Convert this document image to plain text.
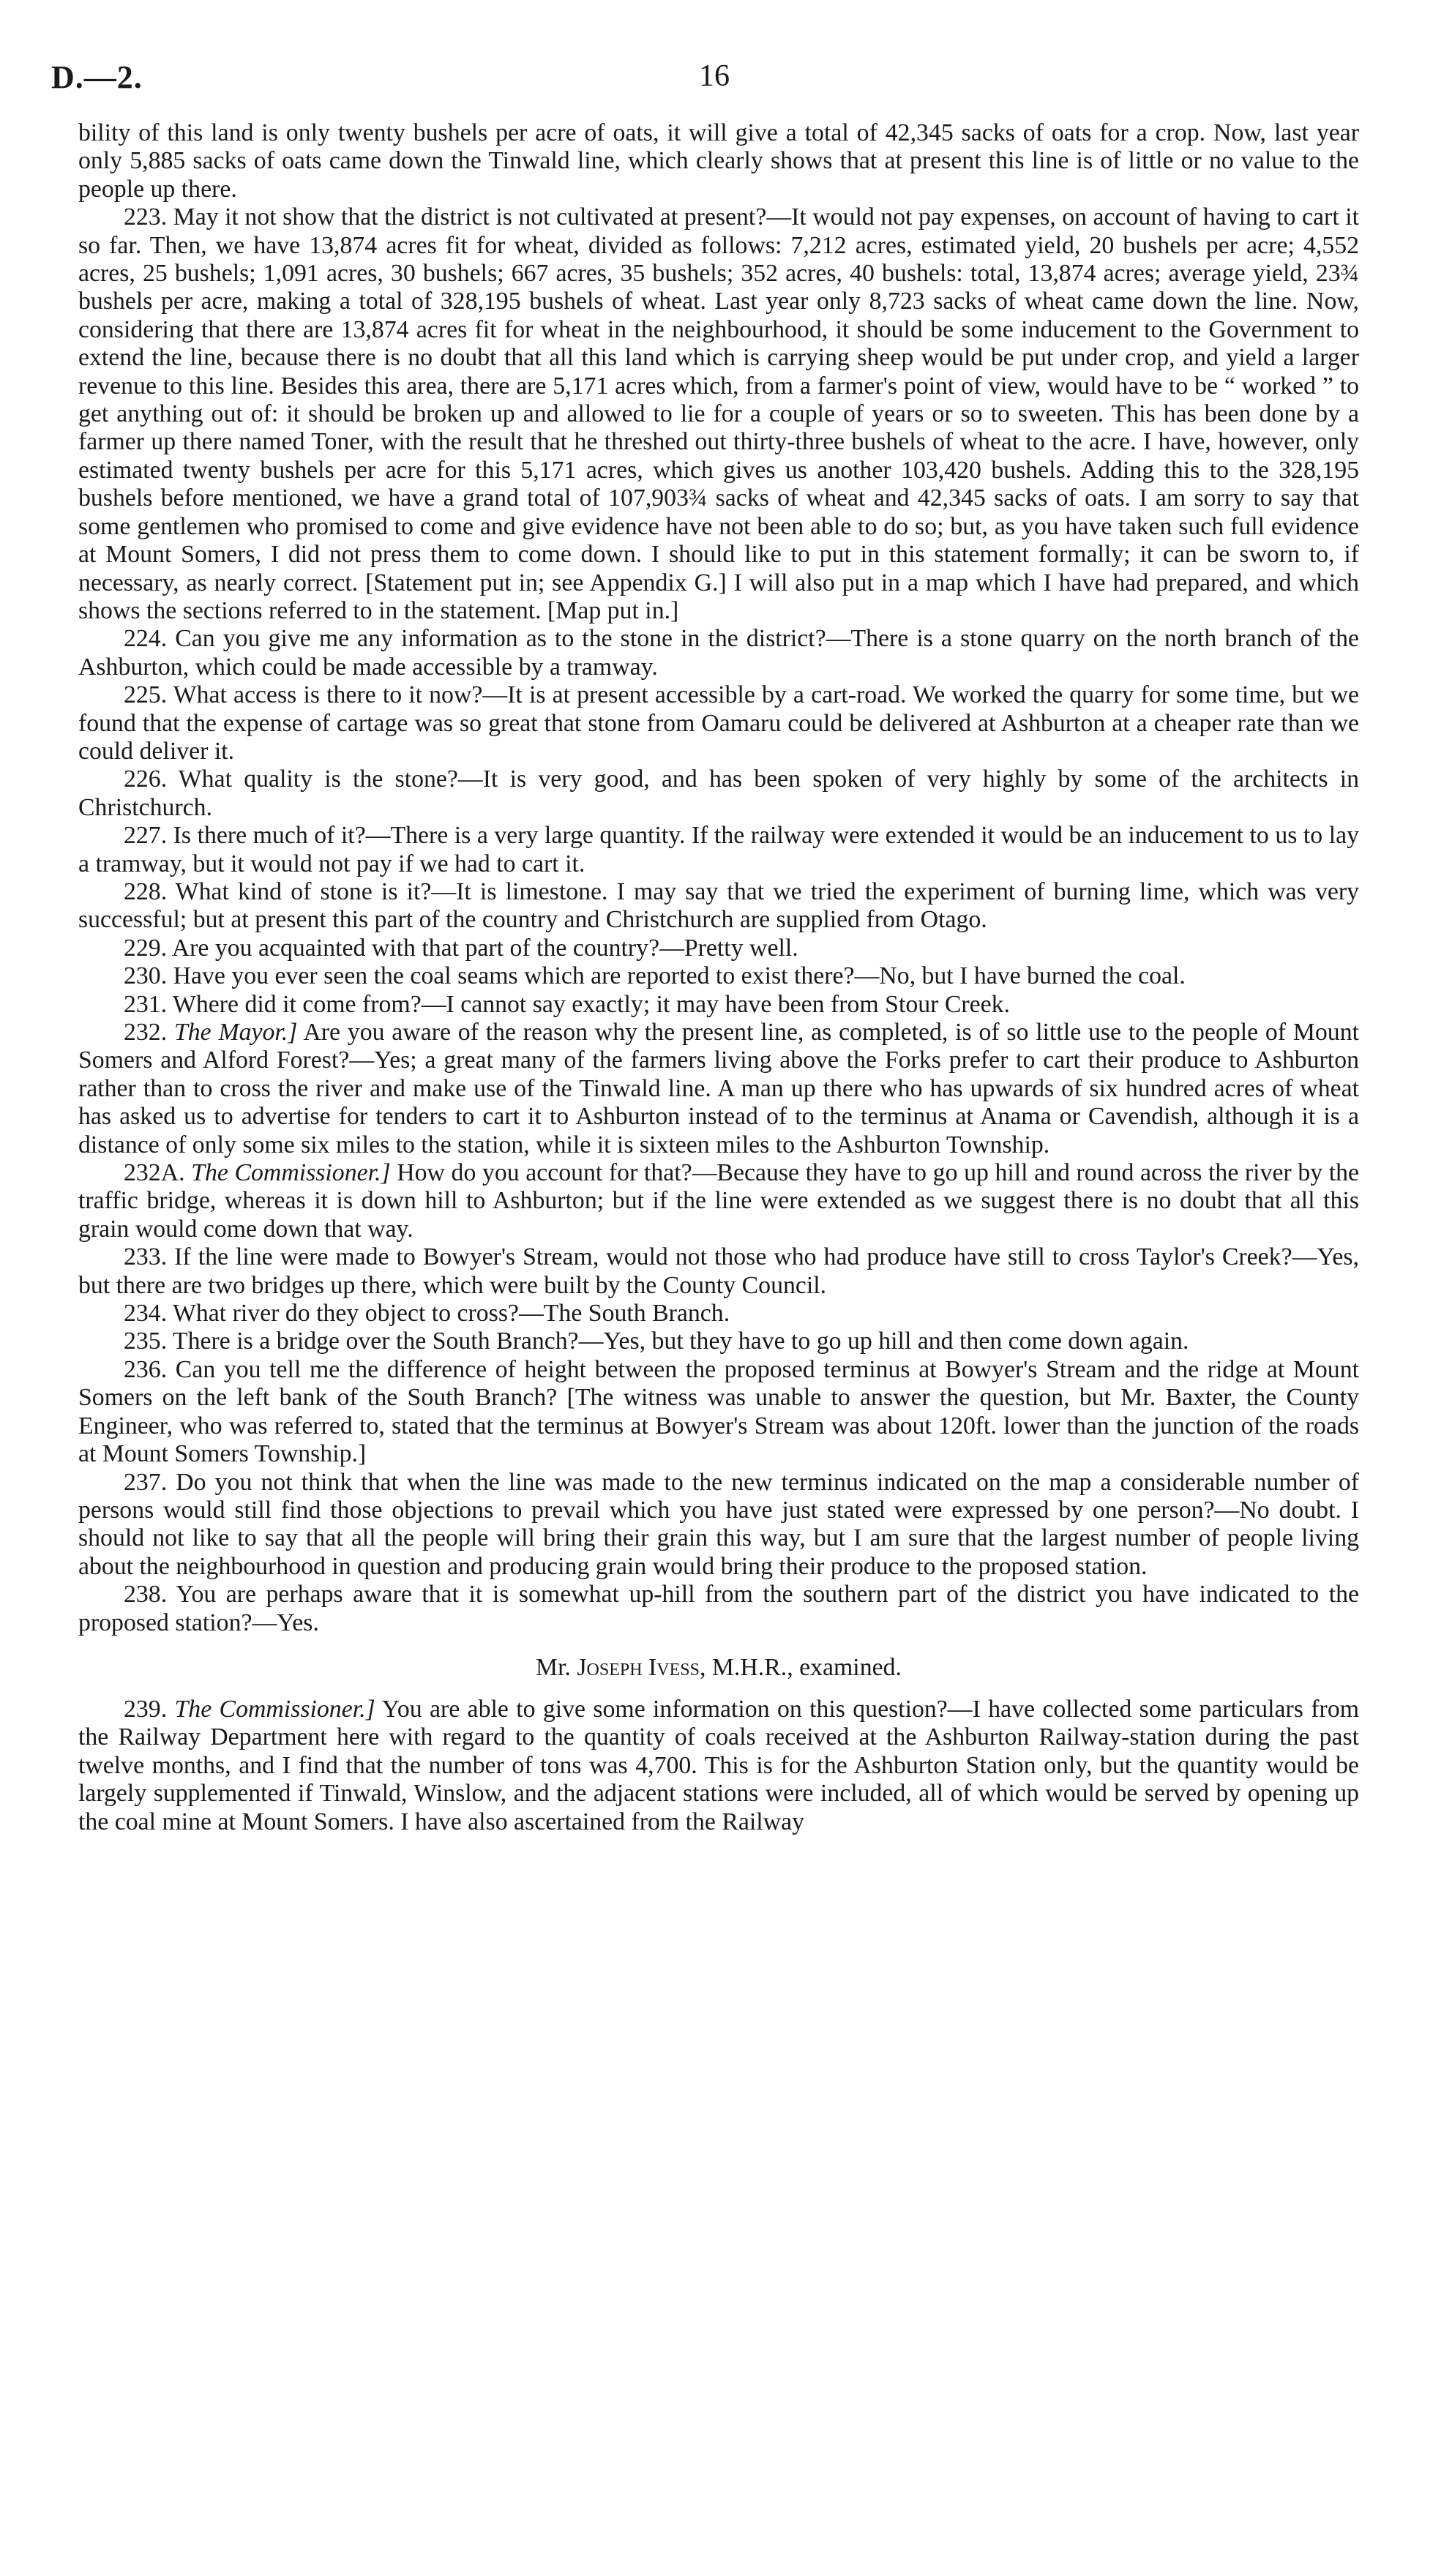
D.—2.	16

bility of this land is only twenty bushels per acre of oats, it will give a total of 42,345 sacks of oats for a crop. Now, last year only 5,885 sacks of oats came down the Tinwald line, which clearly shows that at present this line is of little or no value to the people up there.

223. May it not show that the district is not cultivated at present?—It would not pay expenses, on account of having to cart it so far. Then, we have 13,874 acres fit for wheat, divided as follows: 7,212 acres, estimated yield, 20 bushels per acre; 4,552 acres, 25 bushels; 1,091 acres, 30 bushels; 667 acres, 35 bushels; 352 acres, 40 bushels: total, 13,874 acres; average yield, 23¾ bushels per acre, making a total of 328,195 bushels of wheat. Last year only 8,723 sacks of wheat came down the line. Now, considering that there are 13,874 acres fit for wheat in the neighbourhood, it should be some inducement to the Government to extend the line, because there is no doubt that all this land which is carrying sheep would be put under crop, and yield a larger revenue to this line. Besides this area, there are 5,171 acres which, from a farmer's point of view, would have to be “ worked ” to get anything out of: it should be broken up and allowed to lie for a couple of years or so to sweeten. This has been done by a farmer up there named Toner, with the result that he threshed out thirty-three bushels of wheat to the acre. I have, however, only estimated twenty bushels per acre for this 5,171 acres, which gives us another 103,420 bushels. Adding this to the 328,195 bushels before mentioned, we have a grand total of 107,903¾ sacks of wheat and 42,345 sacks of oats. I am sorry to say that some gentlemen who promised to come and give evidence have not been able to do so; but, as you have taken such full evidence at Mount Somers, I did not press them to come down. I should like to put in this statement formally; it can be sworn to, if necessary, as nearly correct. [Statement put in; see Appendix G.] I will also put in a map which I have had prepared, and which shows the sections referred to in the statement. [Map put in.]

224. Can you give me any information as to the stone in the district?—There is a stone quarry on the north branch of the Ashburton, which could be made accessible by a tramway.

225. What access is there to it now?—It is at present accessible by a cart-road. We worked the quarry for some time, but we found that the expense of cartage was so great that stone from Oamaru could be delivered at Ashburton at a cheaper rate than we could deliver it.

226. What quality is the stone?—It is very good, and has been spoken of very highly by some of the architects in Christchurch.

227. Is there much of it?—There is a very large quantity. If the railway were extended it would be an inducement to us to lay a tramway, but it would not pay if we had to cart it.

228. What kind of stone is it?—It is limestone. I may say that we tried the experiment of burning lime, which was very successful; but at present this part of the country and Christchurch are supplied from Otago.

229. Are you acquainted with that part of the country?—Pretty well.

230. Have you ever seen the coal seams which are reported to exist there?—No, but I have burned the coal.

231. Where did it come from?—I cannot say exactly; it may have been from Stour Creek.

232. The Mayor.] Are you aware of the reason why the present line, as completed, is of so little use to the people of Mount Somers and Alford Forest?—Yes; a great many of the farmers living above the Forks prefer to cart their produce to Ashburton rather than to cross the river and make use of the Tinwald line. A man up there who has upwards of six hundred acres of wheat has asked us to advertise for tenders to cart it to Ashburton instead of to the terminus at Anama or Cavendish, although it is a distance of only some six miles to the station, while it is sixteen miles to the Ashburton Township.

232A. The Commissioner.] How do you account for that?—Because they have to go up hill and round across the river by the traffic bridge, whereas it is down hill to Ashburton; but if the line were extended as we suggest there is no doubt that all this grain would come down that way.

233. If the line were made to Bowyer's Stream, would not those who had produce have still to cross Taylor's Creek?—Yes, but there are two bridges up there, which were built by the County Council.

234. What river do they object to cross?—The South Branch.

235. There is a bridge over the South Branch?—Yes, but they have to go up hill and then come down again.

236. Can you tell me the difference of height between the proposed terminus at Bowyer's Stream and the ridge at Mount Somers on the left bank of the South Branch? [The witness was unable to answer the question, but Mr. Baxter, the County Engineer, who was referred to, stated that the terminus at Bowyer's Stream was about 120ft. lower than the junction of the roads at Mount Somers Township.]

237. Do you not think that when the line was made to the new terminus indicated on the map a considerable number of persons would still find those objections to prevail which you have just stated were expressed by one person?—No doubt. I should not like to say that all the people will bring their grain this way, but I am sure that the largest number of people living about the neighbourhood in question and producing grain would bring their produce to the proposed station.

238. You are perhaps aware that it is somewhat up-hill from the southern part of the district you have indicated to the proposed station?—Yes.

Mr. Joseph Ivess, M.H.R., examined.

239. The Commissioner.] You are able to give some information on this question?—I have collected some particulars from the Railway Department here with regard to the quantity of coals received at the Ashburton Railway-station during the past twelve months, and I find that the number of tons was 4,700. This is for the Ashburton Station only, but the quantity would be largely supplemented if Tinwald, Winslow, and the adjacent stations were included, all of which would be served by opening up the coal mine at Mount Somers. I have also ascertained from the Railway
